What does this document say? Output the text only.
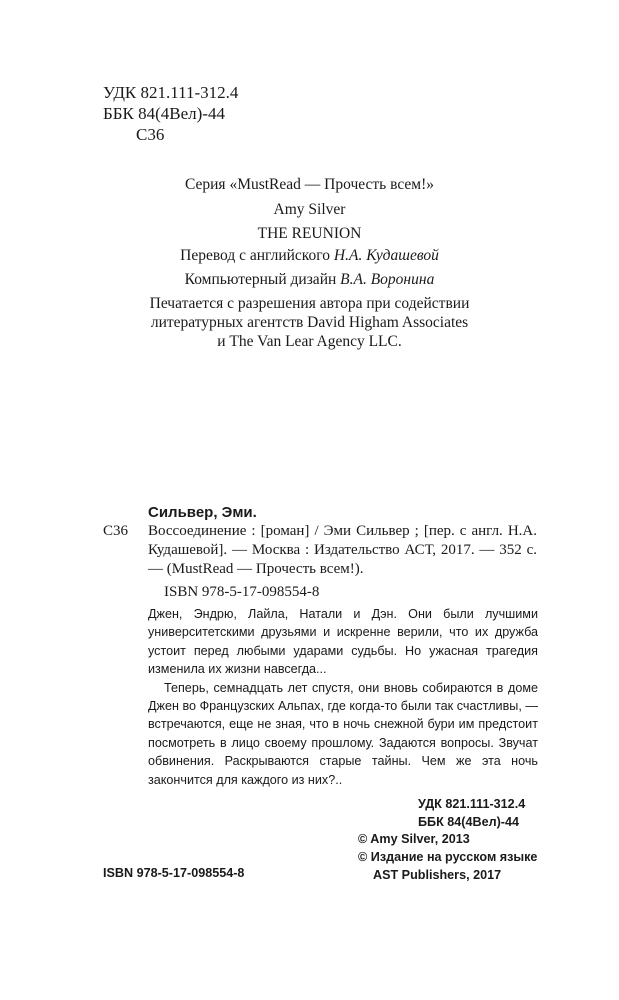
УДК 821.111-312.4
ББК 84(4Вел)-44
С36
Серия «MustRead — Прочесть всем!»
Amy Silver
THE REUNION
Перевод с английского Н.А. Кудашевой
Компьютерный дизайн В.А. Воронина
Печатается с разрешения автора при содействии
литературных агентств David Higham Associates
и The Van Lear Agency LLC.
Сильвер, Эми.
С36	Воссоединение : [роман] / Эми Сильвер ; [пер. с англ. Н.А. Кудашевой]. — Москва : Издательство АСТ, 2017. — 352 с. — (MustRead — Прочесть всем!).
ISBN 978-5-17-098554-8

Джен, Эндрю, Лайла, Натали и Дэн. Они были лучшими университетскими друзьями и искренне верили, что их дружба устоит перед любыми ударами судьбы. Но ужасная трагедия изменила их жизни навсегда...

Теперь, семнадцать лет спустя, они вновь собираются в доме Джен во Французских Альпах, где когда-то были так счастливы, — встречаются, еще не зная, что в ночь снежной бури им предстоит посмотреть в лицо своему прошлому. Задаются вопросы. Звучат обвинения. Раскрываются старые тайны. Чем же эта ночь закончится для каждого из них?..

УДК 821.111-312.4
ББК 84(4Вел)-44
© Amy Silver, 2013
© Издание на русском языке
AST Publishers, 2017
ISBN 978-5-17-098554-8
